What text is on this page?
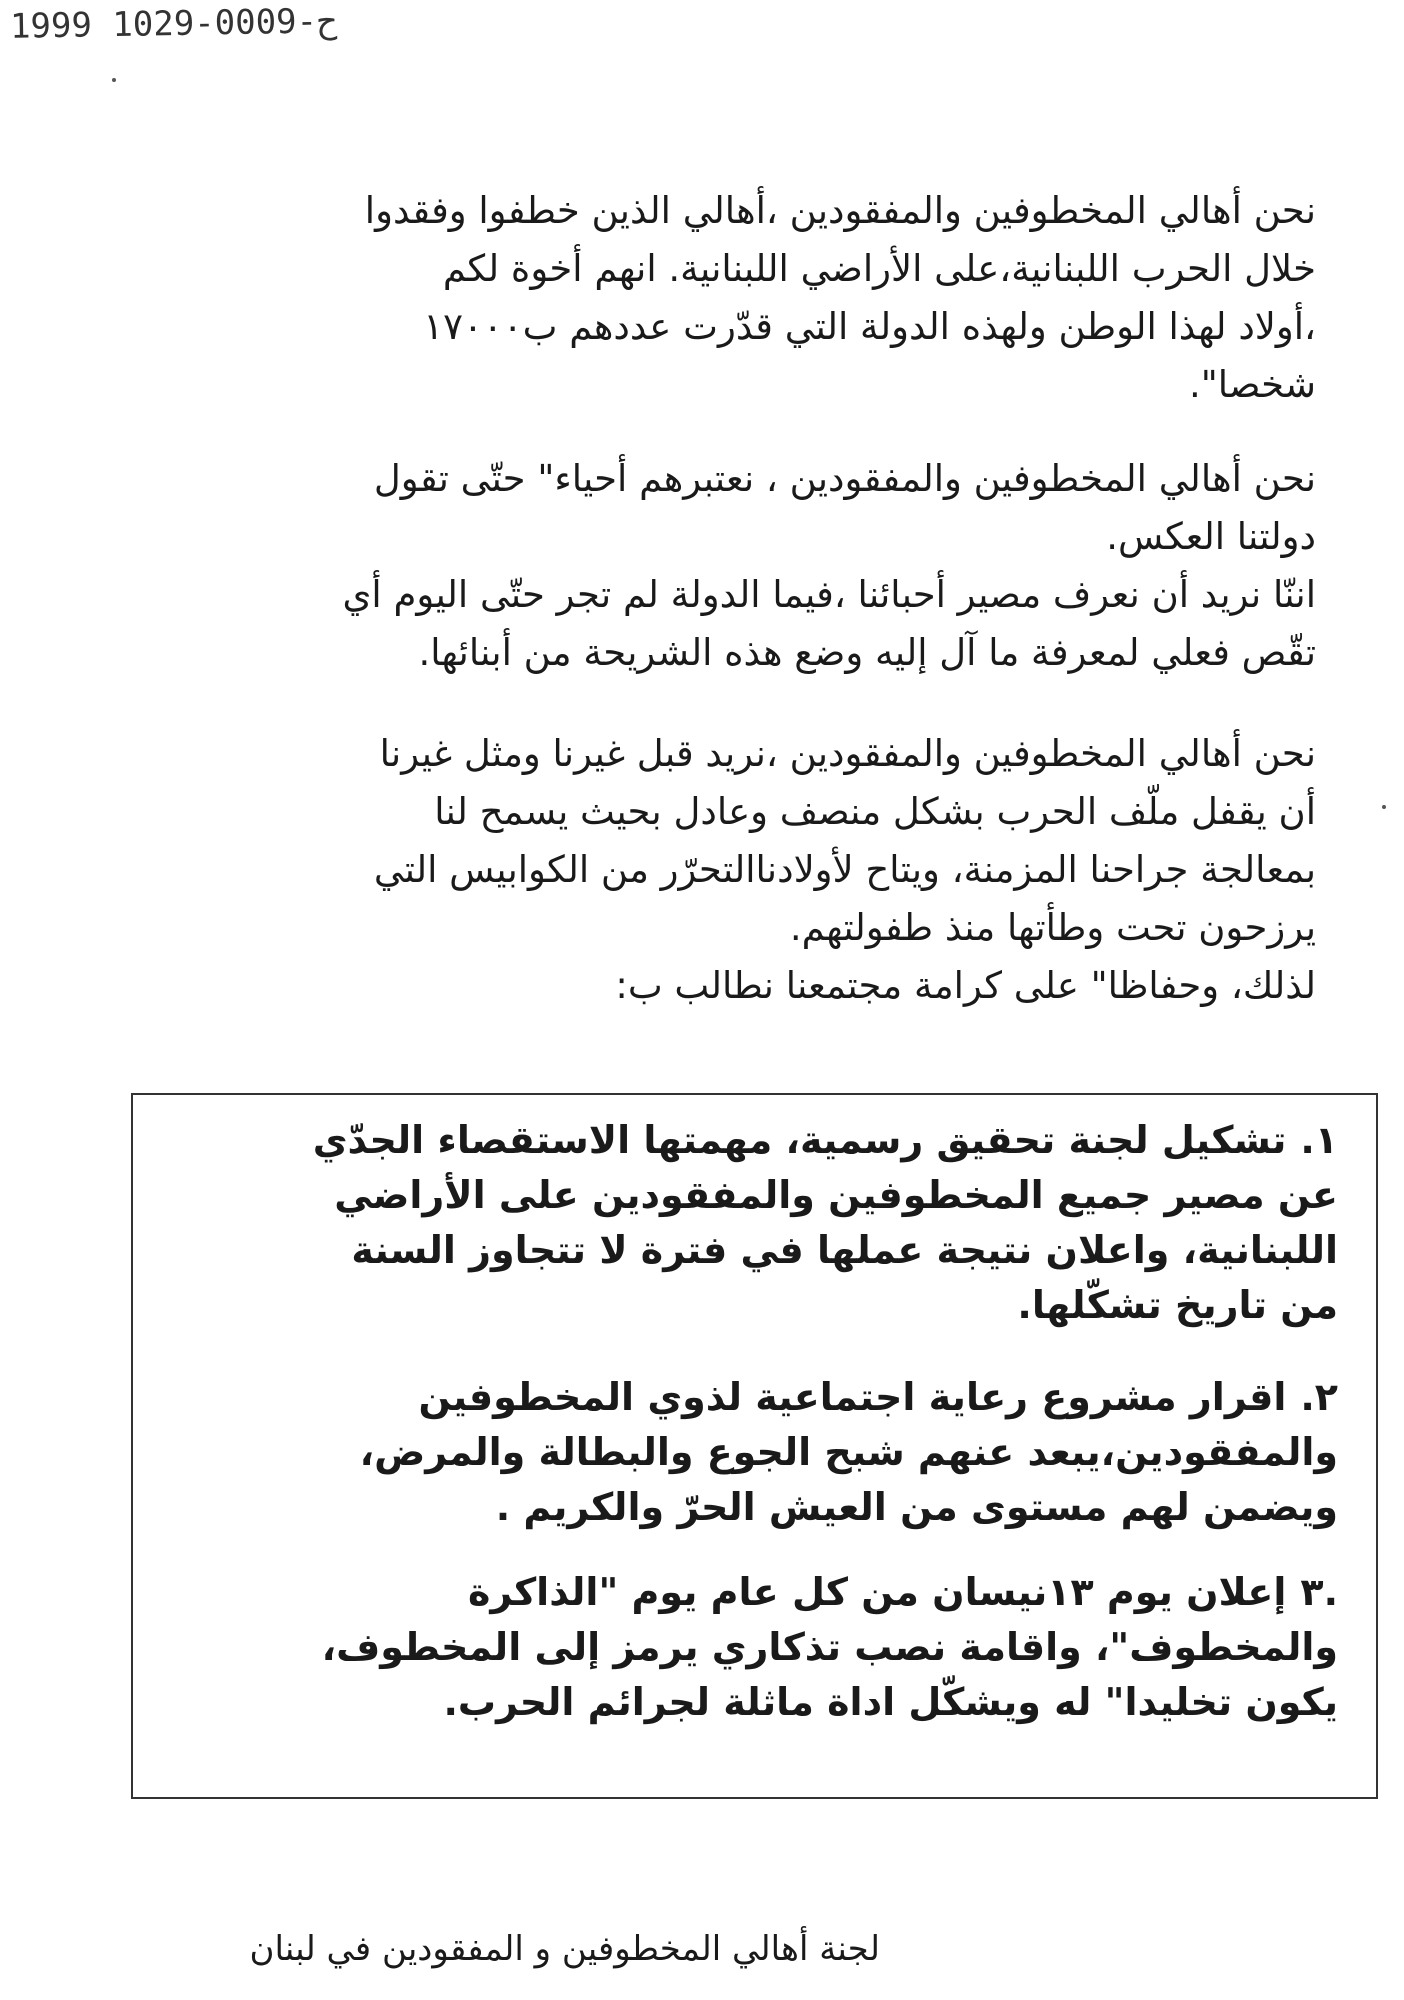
1999 1029-0009-ح
نحن أهالي المخطوفين والمفقودين ،أهالي الذين خطفوا وفقدوا
خلال الحرب اللبنانية،على الأراضي اللبنانية. انهم أخوة لكم
،أولاد لهذا الوطن ولهذه الدولة التي قدّرت عددهم ب١٧٠٠٠
شخصا".
نحن أهالي المخطوفين والمفقودين ، نعتبرهم أحياء" حتّى تقول
دولتنا العكس.
اننّا نريد أن نعرف مصير أحبائنا ،فيما الدولة لم تجر حتّى اليوم أي
تقّص فعلي لمعرفة ما آل إليه وضع هذه الشريحة من أبنائها.
نحن أهالي المخطوفين والمفقودين ،نريد قبل غيرنا ومثل غيرنا
أن يقفل ملّف الحرب بشكل منصف وعادل بحيث يسمح لنا
بمعالجة جراحنا المزمنة، ويتاح لأولادناالتحرّر من الكوابيس التي
يرزحون تحت وطأتها منذ طفولتهم.
لذلك، وحفاظا" على كرامة مجتمعنا نطالب ب:
١.تشكيل لجنة تحقيق رسمية، مهمتها الاستقصاء الجدّي
عن مصير جميع المخطوفين والمفقودين على الأراضي
اللبنانية، واعلان نتيجة عملها في فترة لا تتجاوز السنة
من تاريخ تشكّلها.
٢.اقرار مشروع رعاية اجتماعية لذوي المخطوفين
والمفقودين،يبعد عنهم شبح الجوع والبطالة والمرض،
ويضمن لهم مستوى من العيش الحرّ والكريم .
.٣إعلان يوم ١٣نيسان من كل عام يوم "الذاكرة
والمخطوف"، واقامة نصب تذكاري يرمز إلى المخطوف،
يكون تخليدا" له ويشكّل اداة ماثلة لجرائم الحرب.
لجنة أهالي المخطوفين و المفقودين في لبنان
